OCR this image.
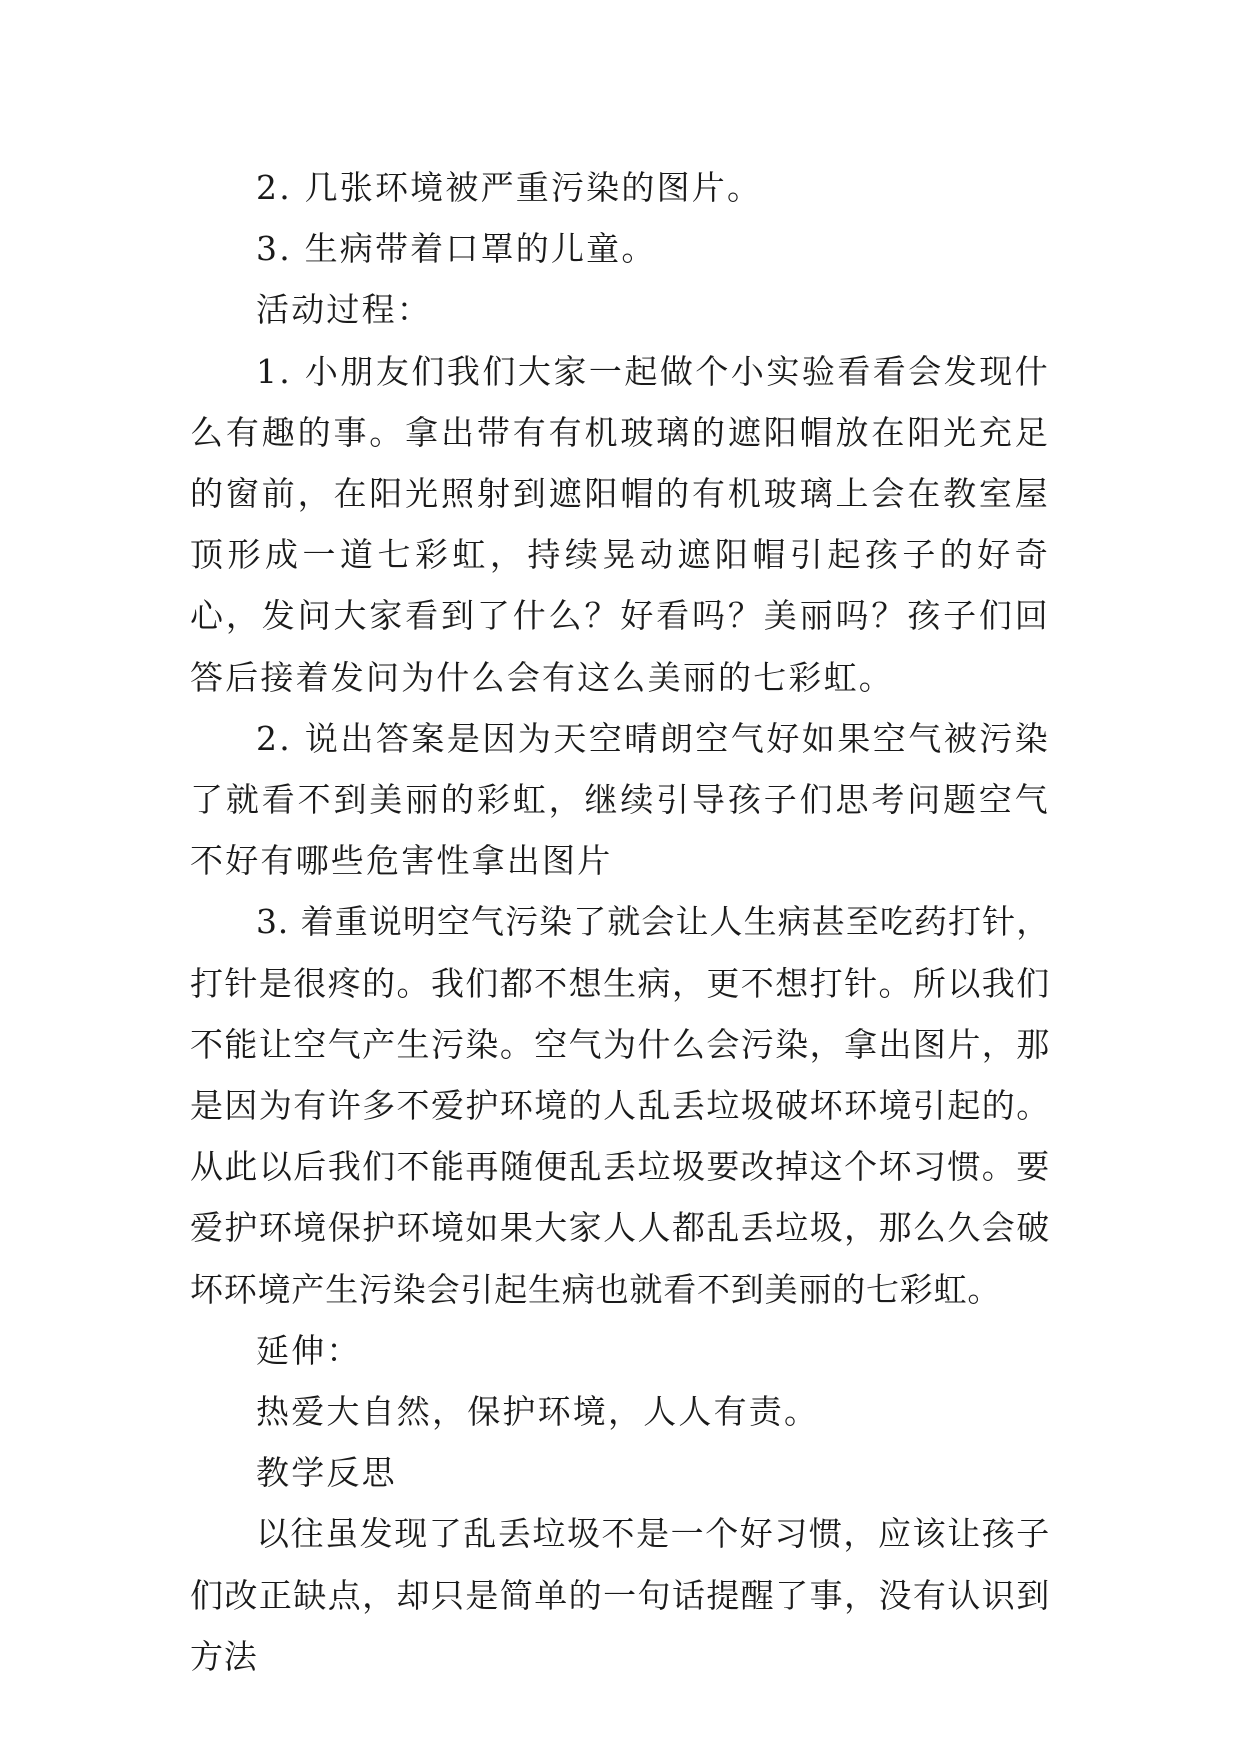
2. 几张环境被严重污染的图片。

3. 生病带着口罩的儿童。

活动过程：

1. 小朋友们我们大家一起做个小实验看看会发现什么有趣的事。拿出带有有机玻璃的遮阳帽放在阳光充足的窗前，在阳光照射到遮阳帽的有机玻璃上会在教室屋顶形成一道七彩虹，持续晃动遮阳帽引起孩子的好奇心，发问大家看到了什么？好看吗？美丽吗？孩子们回答后接着发问为什么会有这么美丽的七彩虹。

2. 说出答案是因为天空晴朗空气好如果空气被污染了就看不到美丽的彩虹，继续引导孩子们思考问题空气不好有哪些危害性拿出图片

3. 着重说明空气污染了就会让人生病甚至吃药打针，打针是很疼的。我们都不想生病，更不想打针。所以我们不能让空气产生污染。空气为什么会污染，拿出图片，那是因为有许多不爱护环境的人乱丢垃圾破坏环境引起的。从此以后我们不能再随便乱丢垃圾要改掉这个坏习惯。要爱护环境保护环境如果大家人人都乱丢垃圾，那么久会破坏环境产生污染会引起生病也就看不到美丽的七彩虹。

延伸：

热爱大自然，保护环境，人人有责。

教学反思

以往虽发现了乱丢垃圾不是一个好习惯，应该让孩子们改正缺点，却只是简单的一句话提醒了事，没有认识到方法
